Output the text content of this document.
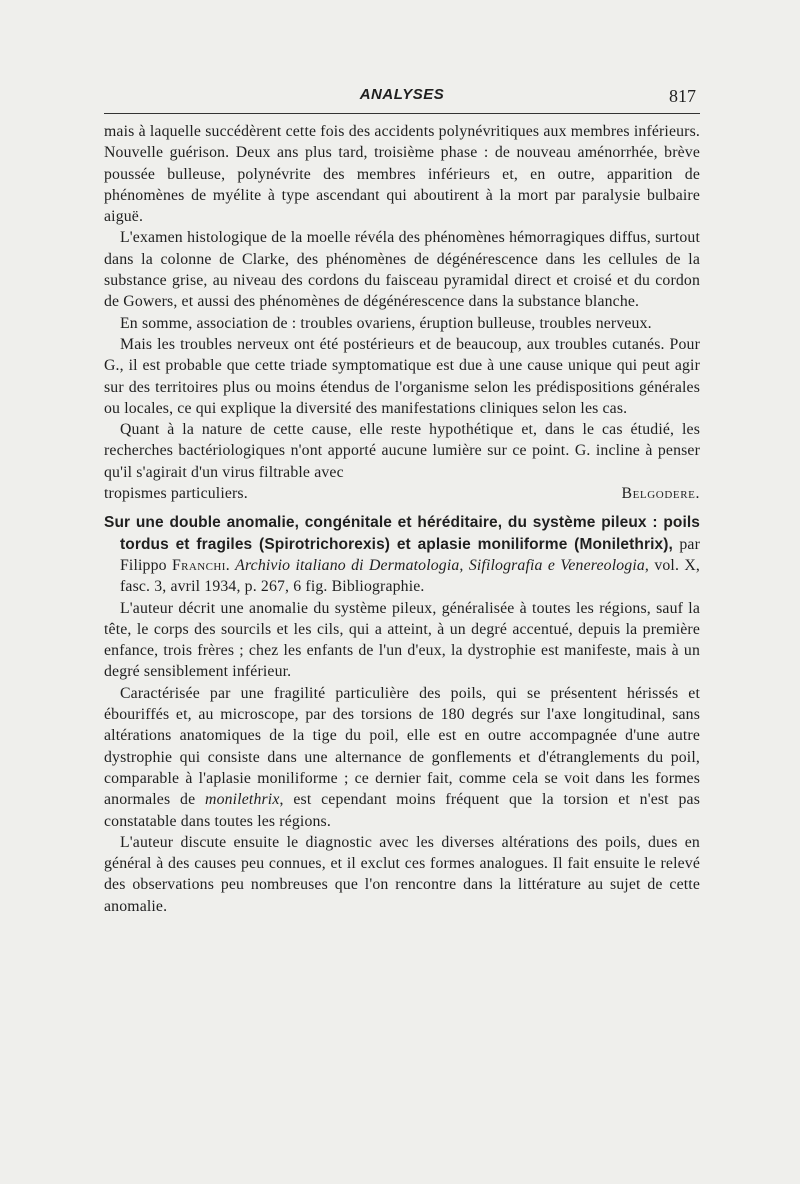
ANALYSES	817

mais à laquelle succédèrent cette fois des accidents polynévritiques aux membres inférieurs. Nouvelle guérison. Deux ans plus tard, troisième phase : de nouveau aménorrhée, brève poussée bulleuse, polynévrite des membres inférieurs et, en outre, apparition de phénomènes de myélite à type ascendant qui aboutirent à la mort par paralysie bulbaire aiguë.

L'examen histologique de la moelle révéla des phénomènes hémorragiques diffus, surtout dans la colonne de Clarke, des phénomènes de dégénérescence dans les cellules de la substance grise, au niveau des cordons du faisceau pyramidal direct et croisé et du cordon de Gowers, et aussi des phénomènes de dégénérescence dans la substance blanche.

En somme, association de : troubles ovariens, éruption bulleuse, troubles nerveux.

Mais les troubles nerveux ont été postérieurs et de beaucoup, aux troubles cutanés. Pour G., il est probable que cette triade symptomatique est due à une cause unique qui peut agir sur des territoires plus ou moins étendus de l'organisme selon les prédispositions générales ou locales, ce qui explique la diversité des manifestations cliniques selon les cas.

Quant à la nature de cette cause, elle reste hypothétique et, dans le cas étudié, les recherches bactériologiques n'ont apporté aucune lumière sur ce point. G. incline à penser qu'il s'agirait d'un virus filtrable avec

tropismes particuliers.	Belgodere.

Sur une double anomalie, congénitale et héréditaire, du système pileux : poils tordus et fragiles (Spirotrichorexis) et aplasie moniliforme (Monilethrix), par Filippo Franchi. Archivio italiano di Dermatologia, Sifilografia e Venereologia, vol. X, fasc. 3, avril 1934, p. 267, 6 fig. Bibliographie.

L'auteur décrit une anomalie du système pileux, généralisée à toutes les régions, sauf la tête, le corps des sourcils et les cils, qui a atteint, à un degré accentué, depuis la première enfance, trois frères ; chez les enfants de l'un d'eux, la dystrophie est manifeste, mais à un degré sensiblement inférieur.

Caractérisée par une fragilité particulière des poils, qui se présentent hérissés et ébouriffés et, au microscope, par des torsions de 180 degrés sur l'axe longitudinal, sans altérations anatomiques de la tige du poil, elle est en outre accompagnée d'une autre dystrophie qui consiste dans une alternance de gonflements et d'étranglements du poil, comparable à l'aplasie moniliforme ; ce dernier fait, comme cela se voit dans les formes anormales de monilethrix, est cependant moins fréquent que la torsion et n'est pas constatable dans toutes les régions.

L'auteur discute ensuite le diagnostic avec les diverses altérations des poils, dues en général à des causes peu connues, et il exclut ces formes analogues. Il fait ensuite le relevé des observations peu nombreuses que l'on rencontre dans la littérature au sujet de cette anomalie.
